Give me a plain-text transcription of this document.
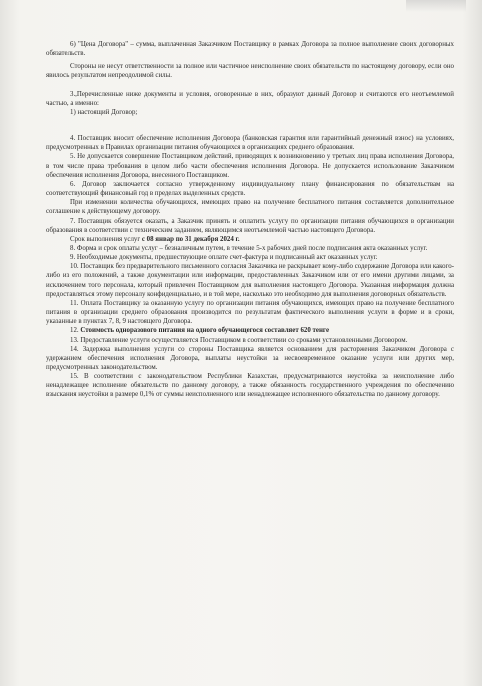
6) "Цена Договора" – сумма, выплаченная Заказчиком Поставщику в рамках Договора за полное выполнение своих договорных обязательств.

Стороны не несут ответственности за полное или частичное неисполнение своих обязательств по настоящему договору, если оно явилось результатом непреодолимой силы.

3.,Перечисленные ниже документы и условия, оговоренные в них, образуют данный Договор и считаются его неотъемлемой частью, а именно:

1) настоящий Договор;

4. Поставщик вносит обеспечение исполнения Договора (банковская гарантия или гарантийный денежный взнос) на условиях, предусмотренных в Правилах организации питания обучающихся в организациях среднего образования.

5. Не допускается совершение Поставщиком действий, приводящих к возникновению у третьих лиц права исполнения Договора, в том числе права требования в целом либо части обеспечения исполнения Договора. Не допускается использование Заказчиком обеспечения исполнения Договора, внесенного Поставщиком.

6. Договор заключается согласно утвержденному индивидуальному плану финансирования по обязательствам на соответствующий финансовый год в пределах выделенных средств.

При изменении количества обучающихся, имеющих право на получение бесплатного питания составляется дополнительное соглашение к действующему договору.

7. Поставщик обязуется оказать, а Заказчик принять и оплатить услугу по организации питания обучающихся в организации образования в соответствии с техническим заданием, являющимся неотъемлемой частью настоящего Договора.

Срок выполнения услуг с 08 январ по 31 декабря 2024 г.

8. Форма и срок оплаты услуг – безналичным путем, в течение 5-х рабочих дней после подписания акта оказанных услуг.

9. Необходимые документы, предшествующие оплате счет-фактура и подписанный акт оказанных услуг.

10. Поставщик без предварительного письменного согласия Заказчика не раскрывает кому-либо содержание Договора или какого-либо из его положений, а также документации или информации, предоставленных Заказчиком или от его имени другими лицами, за исключением того персонала, который привлечен Поставщиком для выполнения настоящего Договора. Указанная информация должна предоставляться этому персоналу конфиденциально, и в той мере, насколько это необходимо для выполнения договорных обязательств.

11. Оплата Поставщику за оказанную услугу по организации питания обучающихся, имеющих право на получение бесплатного питания в организации среднего образования производится по результатам фактического выполнения услуги в форме и в сроки, указанные в пунктах 7, 8, 9 настоящего Договора.

12. Стоимость одноразового питания на одного обучающегося составляет 620 тенге

13. Предоставление услуги осуществляется Поставщиком в соответствии со сроками установленными Договором.

14. Задержка выполнения услуги со стороны Поставщика является основанием для расторжения Заказчиком Договора с удержанием обеспечения исполнения Договора, выплаты неустойки за несвоевременное оказание услуги или других мер, предусмотренных законодательством.

15. В соответствии с законодательством Республики Казахстан, предусматриваются неустойка за неисполнение либо ненадлежащее исполнение обязательств по данному договору, а также обязанность государственного учреждения по обеспечению взыскания неустойки в размере 0,1% от суммы неисполненного или ненадлежащее исполненного обязательства по данному договору.
